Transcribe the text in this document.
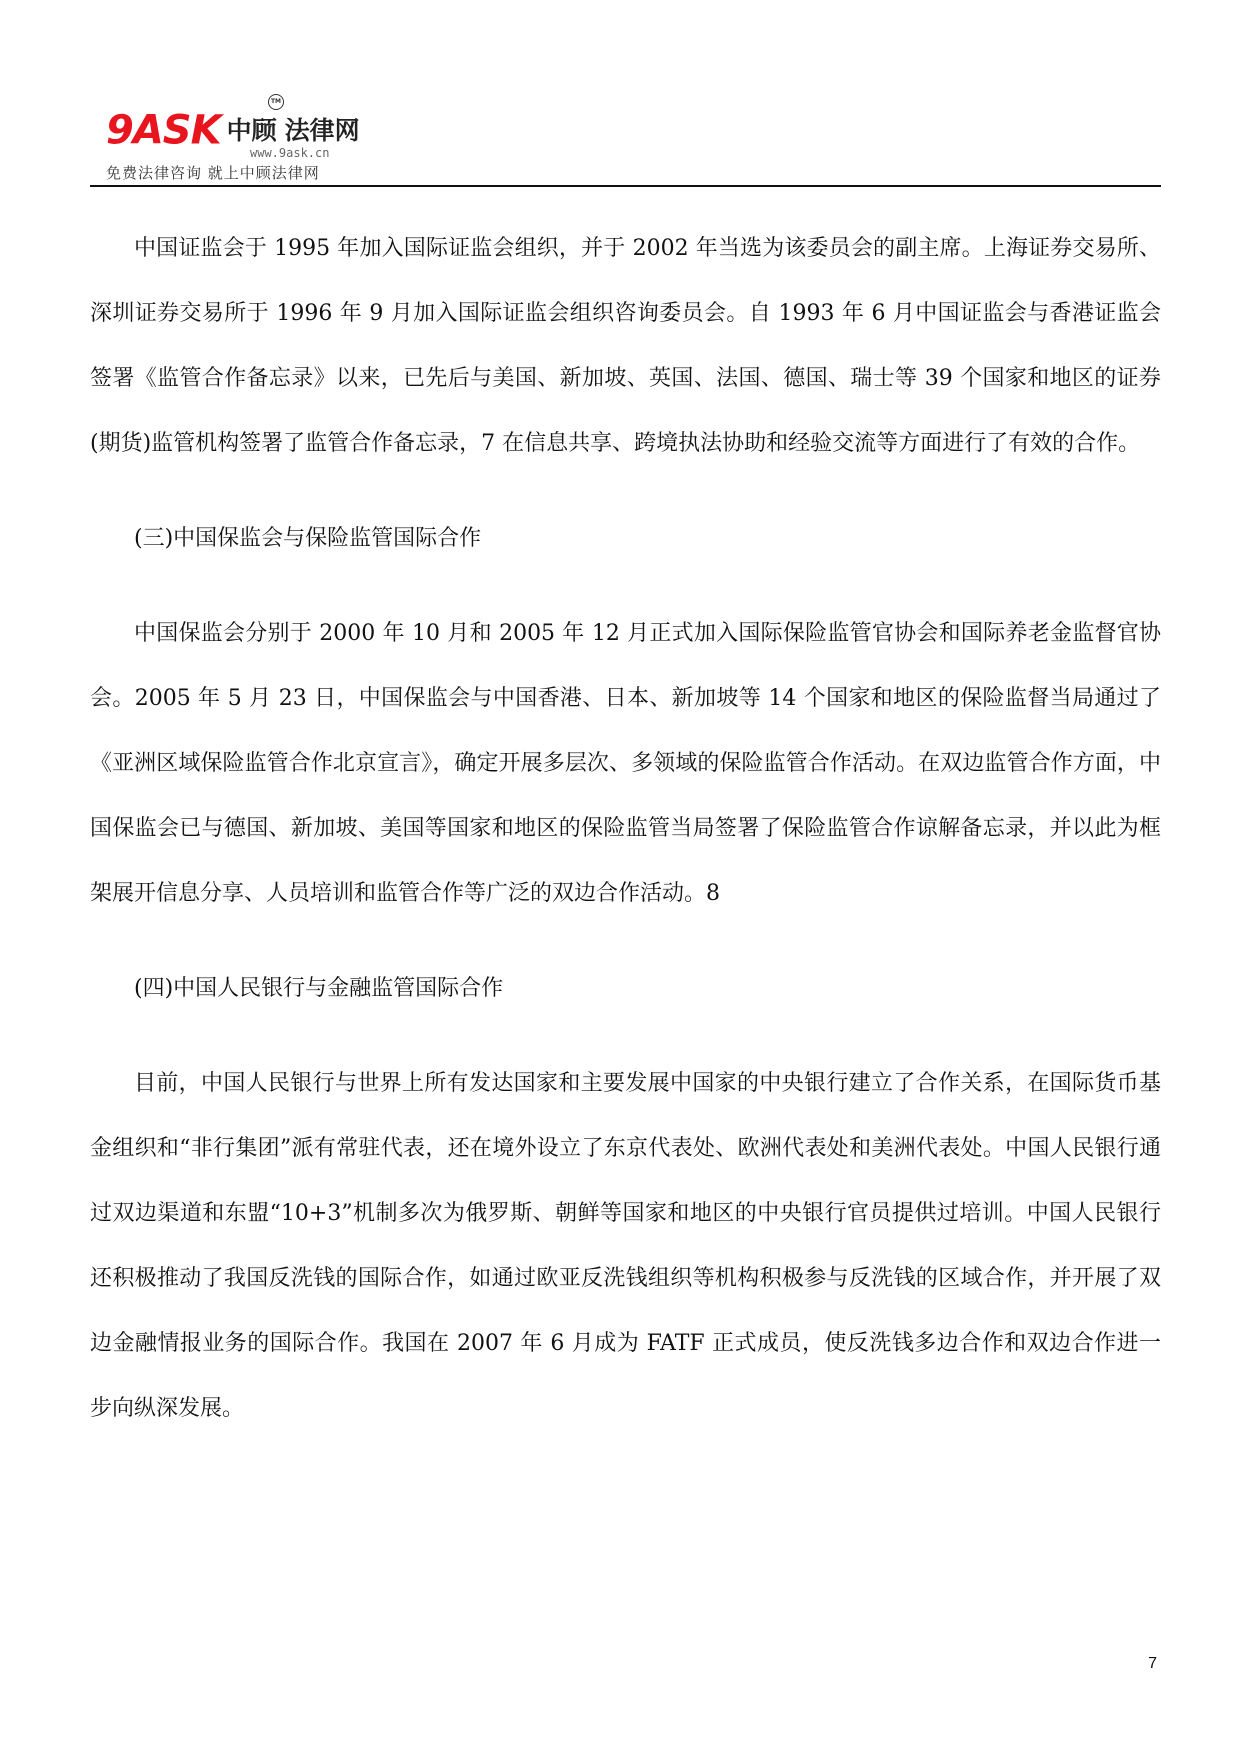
9ASK 中顾 法律网
TM
www.9ask.cn
免费法律咨询 就上中顾法律网

中国证监会于 1995 年加入国际证监会组织，并于 2002 年当选为该委员会的副主席。上海证券交易所、深圳证券交易所于 1996 年 9 月加入国际证监会组织咨询委员会。自 1993 年 6 月中国证监会与香港证监会签署《监管合作备忘录》以来，已先后与美国、新加坡、英国、法国、德国、瑞士等 39 个国家和地区的证券(期货)监管机构签署了监管合作备忘录，7 在信息共享、跨境执法协助和经验交流等方面进行了有效的合作。

(三)中国保监会与保险监管国际合作

中国保监会分别于 2000 年 10 月和 2005 年 12 月正式加入国际保险监管官协会和国际养老金监督官协会。2005 年 5 月 23 日，中国保监会与中国香港、日本、新加坡等 14 个国家和地区的保险监督当局通过了《亚洲区域保险监管合作北京宣言》，确定开展多层次、多领域的保险监管合作活动。在双边监管合作方面，中国保监会已与德国、新加坡、美国等国家和地区的保险监管当局签署了保险监管合作谅解备忘录，并以此为框架展开信息分享、人员培训和监管合作等广泛的双边合作活动。8

(四)中国人民银行与金融监管国际合作

目前，中国人民银行与世界上所有发达国家和主要发展中国家的中央银行建立了合作关系，在国际货币基金组织和“非行集团”派有常驻代表，还在境外设立了东京代表处、欧洲代表处和美洲代表处。中国人民银行通过双边渠道和东盟“10+3”机制多次为俄罗斯、朝鲜等国家和地区的中央银行官员提供过培训。中国人民银行还积极推动了我国反洗钱的国际合作，如通过欧亚反洗钱组织等机构积极参与反洗钱的区域合作，并开展了双边金融情报业务的国际合作。我国在 2007 年 6 月成为 FATF 正式成员，使反洗钱多边合作和双边合作进一步向纵深发展。

7
